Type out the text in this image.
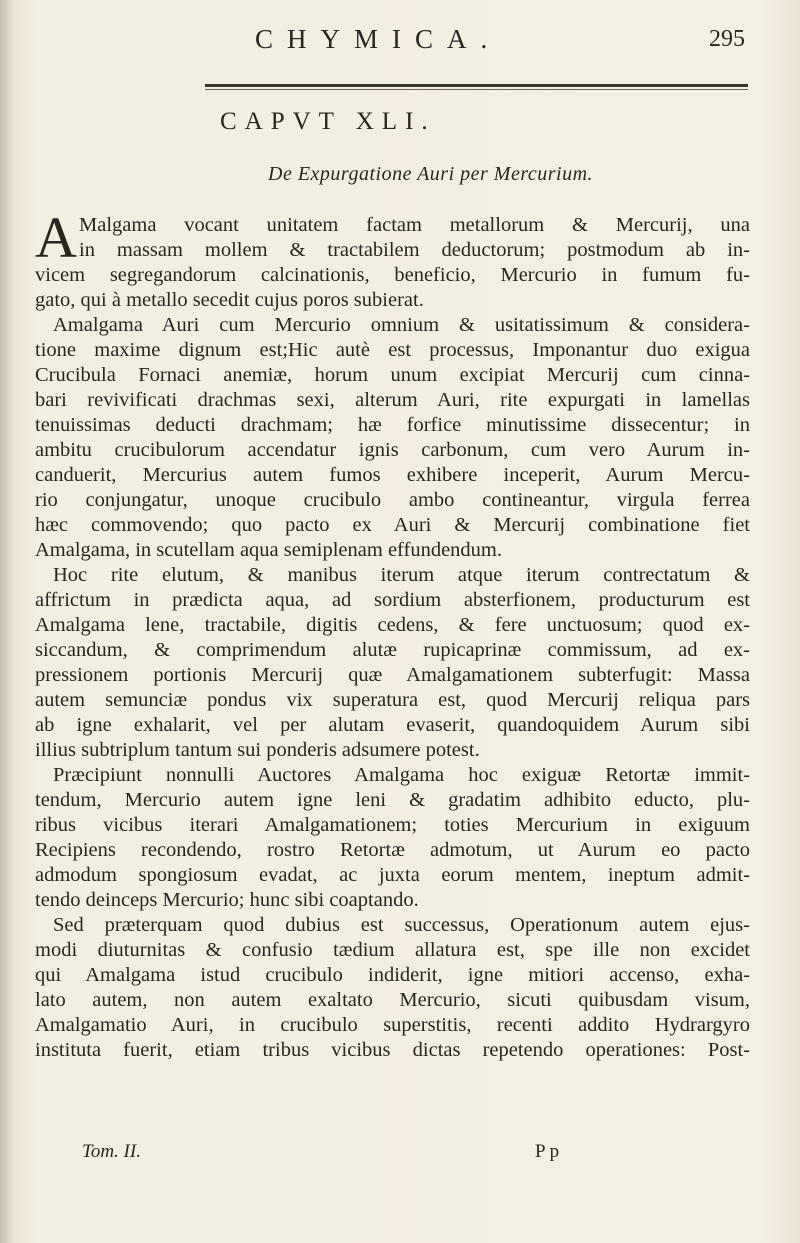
CHYMICA.	295
CAPVT XLI.
De Expurgatione Auri per Mercurium.
A Malgama vocant unitatem factam metallorum & Mercurij, una
in massam mollem & tractabilem deductorum; postmodum ab in-
vicem segregandorum calcinationis, beneficio, Mercurio in fumum fu-
gato, qui à metallo secedit cujus poros subierat.
Amalgama Auri cum Mercurio omnium & usitatissimum & considera-
tione maxime dignum est;Hic autè est processus, Imponantur duo exigua
Crucibula Fornaci anemiæ, horum unum excipiat Mercurij cum cinna-
bari revivificati drachmas sexi, alterum Auri, rite expurgati in lamellas
tenuissimas deducti drachmam; hæ forfice minutissime dissecentur; in
ambitu crucibulorum accendatur ignis carbonum, cum vero Aurum in-
canduerit, Mercurius autem fumos exhibere inceperit, Aurum Mercu-
rio conjungatur, unoque crucibulo ambo contineantur, virgula ferrea
hæc commovendo; quo pacto ex Auri & Mercurij combinatione fiet
Amalgama, in scutellam aqua semiplenam effundendum.
Hoc rite elutum, & manibus iterum atque iterum contrectatum &
affrictum in prædicta aqua, ad sordium absterfionem, producturum est
Amalgama lene, tractabile, digitis cedens, & fere unctuosum; quod ex-
siccandum, & comprimendum alutæ rupicaprinæ commissum, ad ex-
pressionem portionis Mercurij quæ Amalgamationem subterfugit: Massa
autem semunciæ pondus vix superatura est, quod Mercurij reliqua pars
ab igne exhalarit, vel per alutam evaserit, quandoquidem Aurum sibi
illius subtriplum tantum sui ponderis adsumere potest.
Præcipiunt nonnulli Auctores Amalgama hoc exiguæ Retortæ immit-
tendum, Mercurio autem igne leni & gradatim adhibito educto, plu-
ribus vicibus iterari Amalgamationem; toties Mercurium in exiguum
Recipiens recondendo, rostro Retortæ admotum, ut Aurum eo pacto
admodum spongiosum evadat, ac juxta eorum mentem, ineptum admit-
tendo deinceps Mercurio; hunc sibi coaptando.
Sed prӕterquam quod dubius est successus, Operationum autem ejus-
modi diuturnitas & confusio tædium allatura est, spe ille non excidet
qui Amalgama istud crucibulo indiderit, igne mitiori accenso, exha-
lato autem, non autem exaltato Mercurio, sicuti quibusdam visum,
Amalgamatio Auri, in crucibulo superstitis, recenti addito Hydrargyro
instituta fuerit, etiam tribus vicibus dictas repetendo operationes: Post-
Tom. II.	P p
